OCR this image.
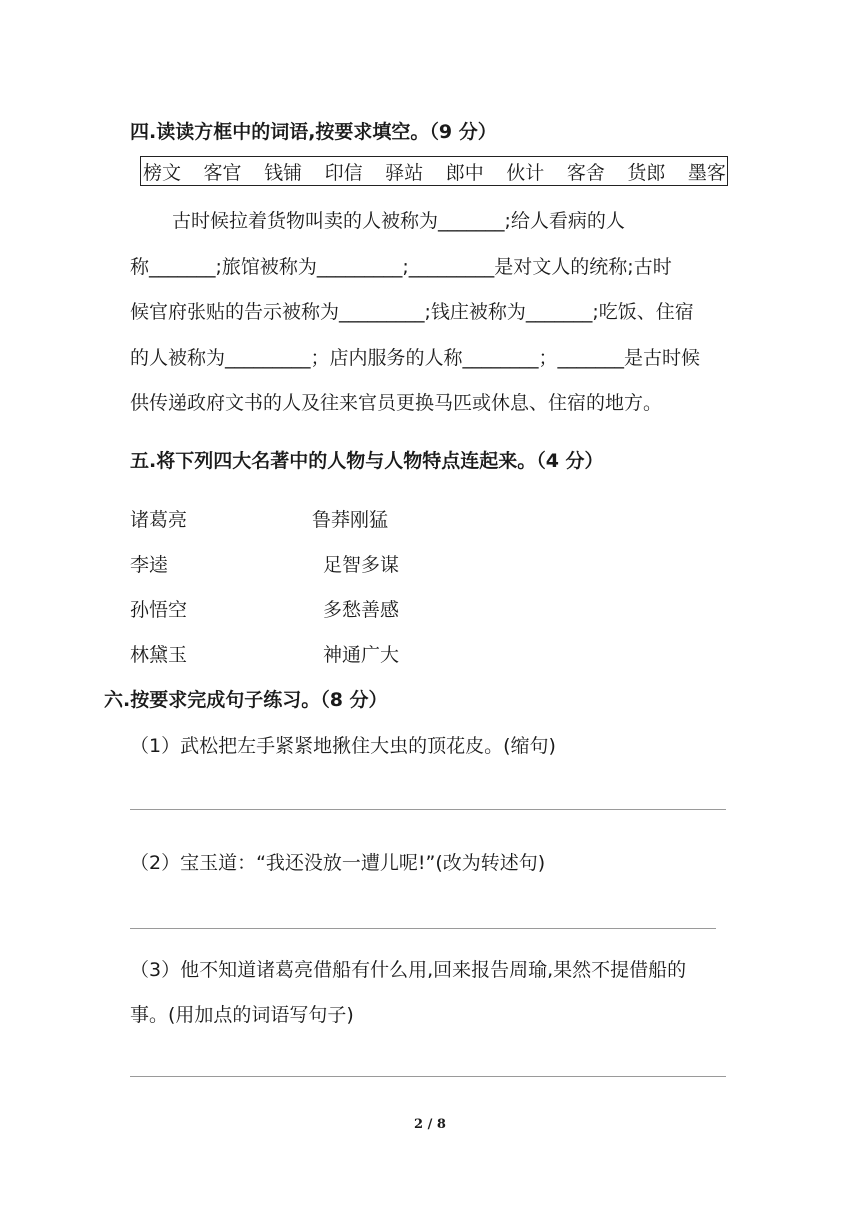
四.读读方框中的词语,按要求填空。（9 分）
榜文 客官 钱铺 印信 驿站 郎中 伙计 客舍 货郎 墨客
古时候拉着货物叫卖的人被称为_______;给人看病的人
称_______;旅馆被称为_________;_________是对文人的统称;古时
候官府张贴的告示被称为_________;钱庄被称为_______;吃饭、住宿
的人被称为_________；店内服务的人称________；_______是古时候
供传递政府文书的人及往来官员更换马匹或休息、住宿的地方。
五.将下列四大名著中的人物与人物特点连起来。（4 分）
诸葛亮
李逵
孙悟空
林黛玉
鲁莽刚猛
足智多谋
多愁善感
神通广大
六.按要求完成句子练习。（8 分）
（1）武松把左手紧紧地揪住大虫的顶花皮。(缩句)
（2）宝玉道：“我还没放一遭儿呢!”(改为转述句)
（3）他不知道诸葛亮借船有什么用,回来报告周瑜,果然不提借船的
事。(用加点的词语写句子)
2 / 8
